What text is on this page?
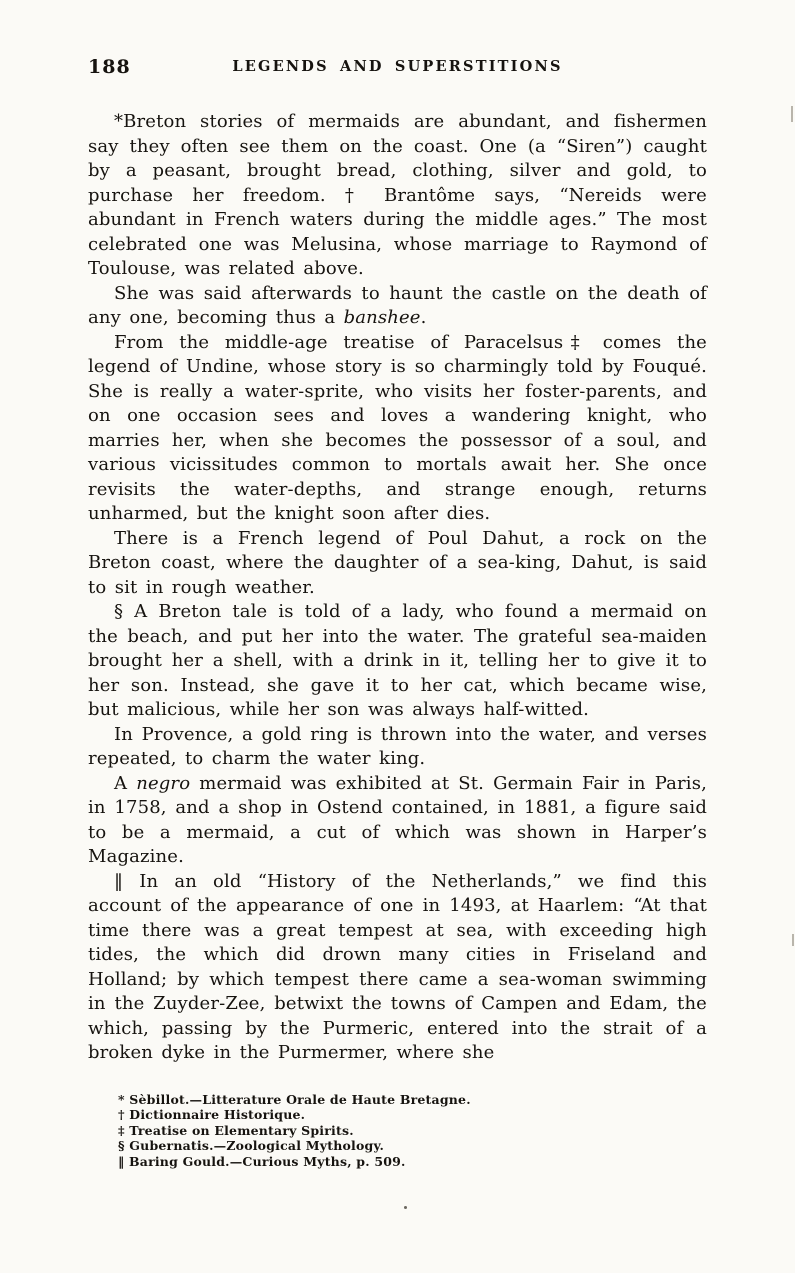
188	LEGENDS AND SUPERSTITIONS

*Breton stories of mermaids are abundant, and fishermen say they often see them on the coast. One (a “Siren”) caught by a peasant, brought bread, clothing, silver and gold, to purchase her freedom. † Brantôme says, “Nereids were abundant in French waters during the middle ages.” The most celebrated one was Melusina, whose marriage to Raymond of Toulouse, was related above.

She was said afterwards to haunt the castle on the death of any one, becoming thus a banshee.

From the middle-age treatise of Paracelsus‡ comes the legend of Undine, whose story is so charmingly told by Fouqué. She is really a water-sprite, who visits her foster-parents, and on one occasion sees and loves a wandering knight, who marries her, when she becomes the possessor of a soul, and various vicissitudes common to mortals await her. She once revisits the water-depths, and strange enough, returns unharmed, but the knight soon after dies.

There is a French legend of Poul Dahut, a rock on the Breton coast, where the daughter of a sea-king, Dahut, is said to sit in rough weather.

§ A Breton tale is told of a lady, who found a mermaid on the beach, and put her into the water. The grateful sea-maiden brought her a shell, with a drink in it, telling her to give it to her son. Instead, she gave it to her cat, which became wise, but malicious, while her son was always half-witted.

In Provence, a gold ring is thrown into the water, and verses repeated, to charm the water king.

A negro mermaid was exhibited at St. Germain Fair in Paris, in 1758, and a shop in Ostend contained, in 1881, a figure said to be a mermaid, a cut of which was shown in Harper’s Magazine.

‖ In an old “History of the Netherlands,” we find this account of the appearance of one in 1493, at Haarlem: “At that time there was a great tempest at sea, with exceeding high tides, the which did drown many cities in Friseland and Holland; by which tempest there came a sea-woman swimming in the Zuyder-Zee, betwixt the towns of Campen and Edam, the which, passing by the Purmeric, entered into the strait of a broken dyke in the Purmermer, where she

* Sèbillot.—Litterature Orale de Haute Bretagne.
† Dictionnaire Historique.
‡ Treatise on Elementary Spirits.
§ Gubernatis.—Zoological Mythology.
‖ Baring Gould.—Curious Myths, p. 509.
